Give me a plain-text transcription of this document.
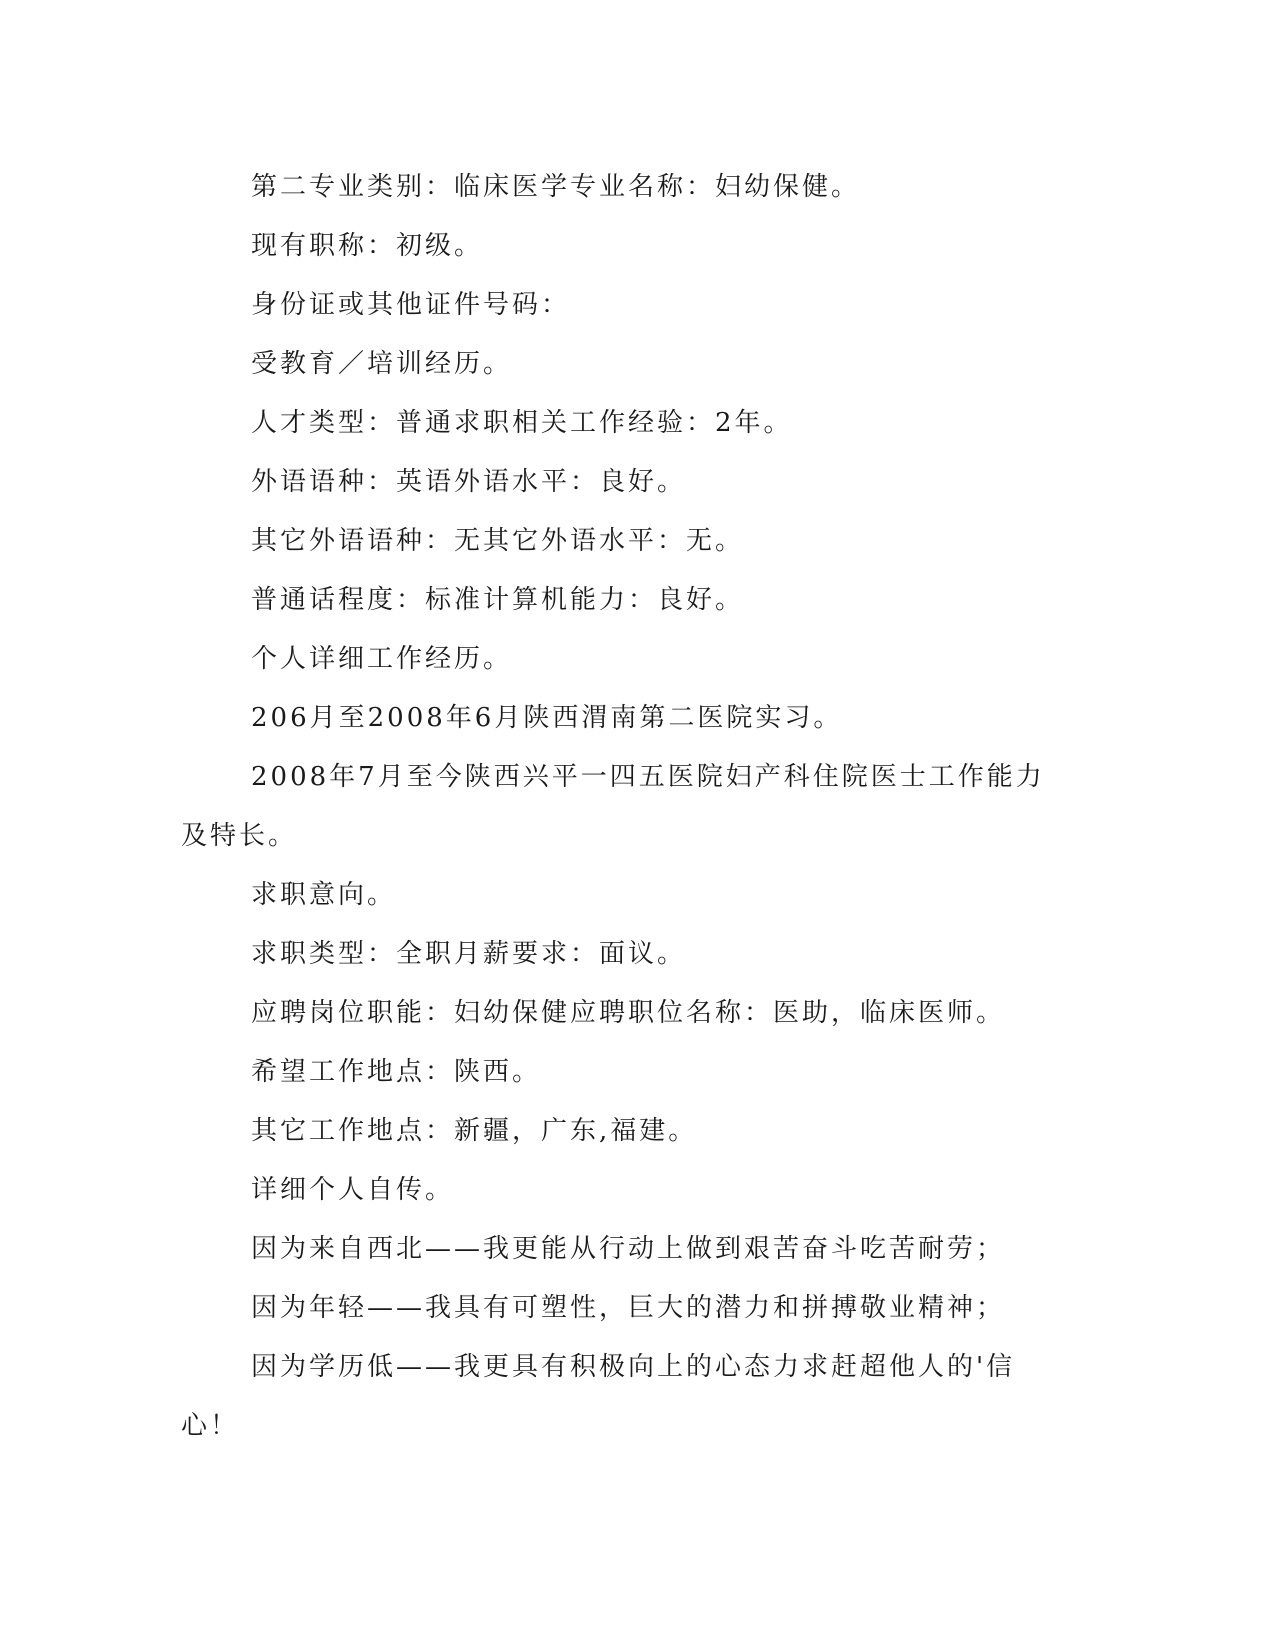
第二专业类别：临床医学专业名称：妇幼保健。

现有职称：初级。

身份证或其他证件号码：

受教育／培训经历。

人才类型：普通求职相关工作经验：2年。

外语语种：英语外语水平：良好。

其它外语语种：无其它外语水平：无。

普通话程度：标准计算机能力：良好。

个人详细工作经历。

206月至2008年6月陕西渭南第二医院实习。

2008年7月至今陕西兴平一四五医院妇产科住院医士工作能力及特长。

求职意向。

求职类型：全职月薪要求：面议。

应聘岗位职能：妇幼保健应聘职位名称：医助，临床医师。

希望工作地点：陕西。

其它工作地点：新疆，广东,福建。

详细个人自传。

因为来自西北——我更能从行动上做到艰苦奋斗吃苦耐劳；

因为年轻——我具有可塑性，巨大的潜力和拼搏敬业精神；

因为学历低——我更具有积极向上的心态力求赶超他人的'信心！
